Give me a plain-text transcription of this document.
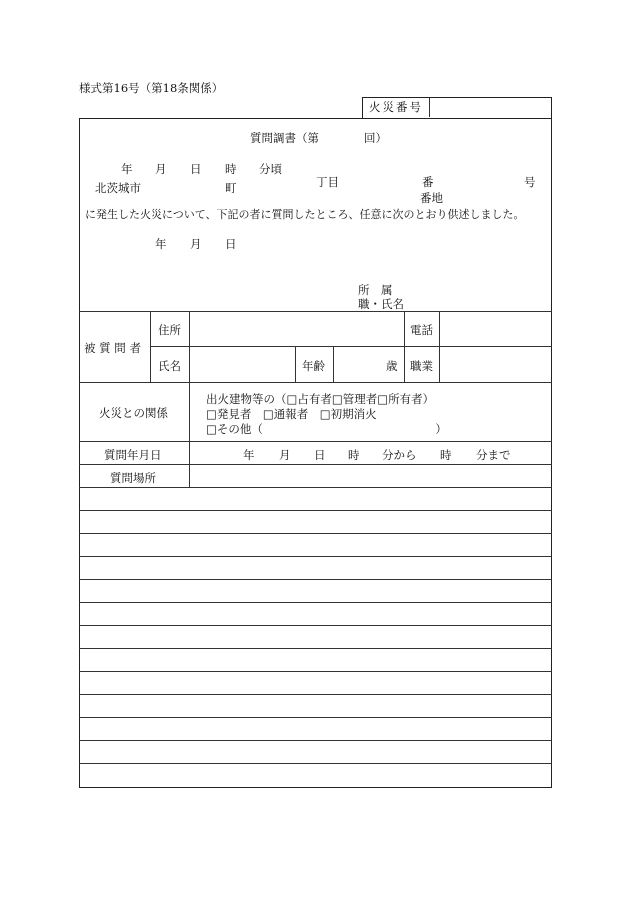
様式第16号（第18条関係）
火災番号
質問調書（第	回）
年 月 日 時 分頃
北茨城市	町	丁目	番	号
番地
に発生した火災について、下記の者に質問したところ、任意に次のとおり供述しました。
年 月 日
所　属
職・氏名
被 質 問 者
住所	電話
氏名	年齢	歳 職業
火災との関係
出火建物等の（□占有者□管理者□所有者）
□発見者　□通報者　□初期消火
□その他（　　　　　　　　　　　　　　　）
質問年月日	年 月 日 時 分から 時 分まで
質問場所
